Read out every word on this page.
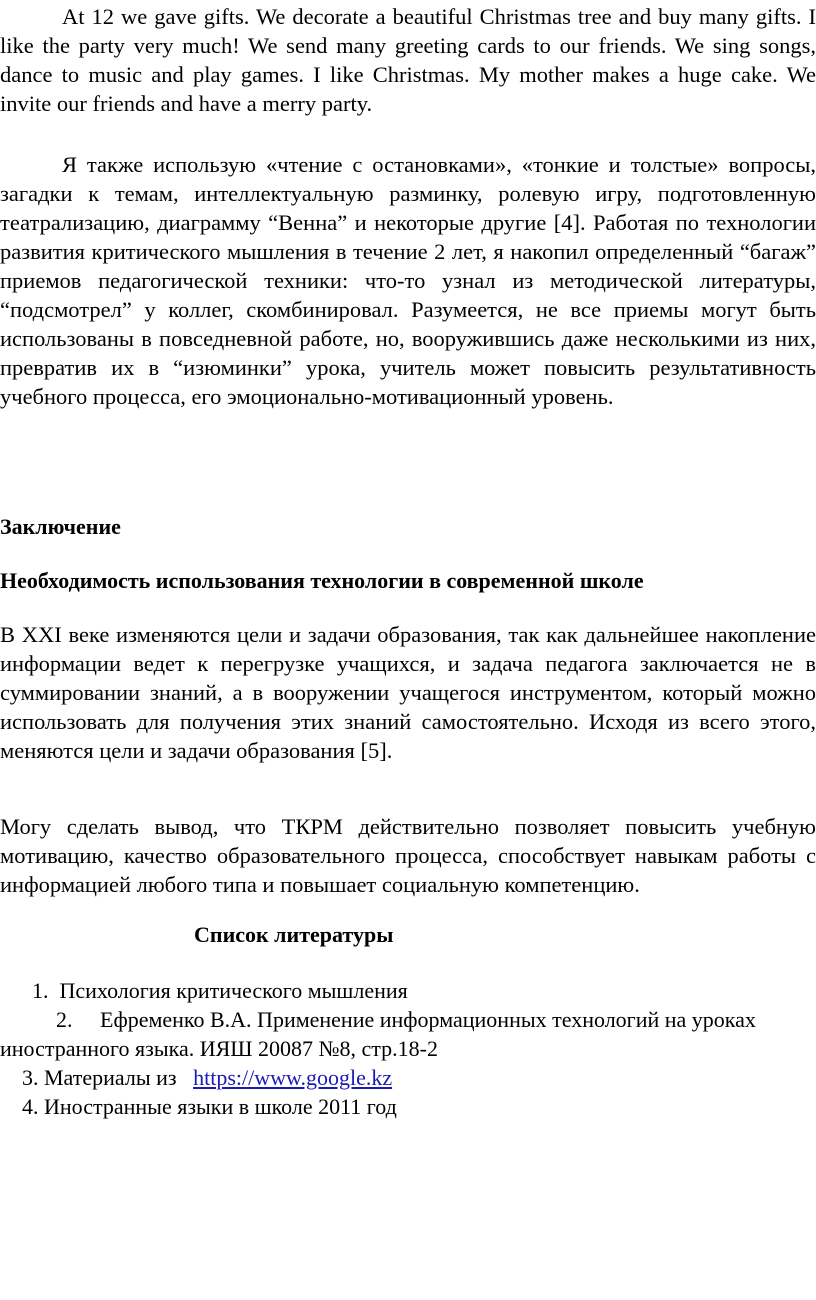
At 12 we gave gifts. We decorate a beautiful Christmas tree and buy many gifts. I like the party very much! We send many greeting cards to our friends. We sing songs, dance to music and play games. I like Christmas. My mother makes a huge cake. We invite our friends and have a merry party.

Я также использую «чтение с остановками», «тонкие и толстые» вопросы, загадки к темам, интеллектуальную разминку, ролевую игру, подготовленную театрализацию, диаграмму “Венна” и некоторые другие [4]. Работая по технологии развития критического мышления в течение 2 лет, я накопил определенный “багаж” приемов педагогической техники: что-то узнал из методической литературы, “подсмотрел” у коллег, скомбинировал. Разумеется, не все приемы могут быть использованы в повседневной работе, но, вооружившись даже несколькими из них, превратив их в “изюминки” урока, учитель может повысить результативность учебного процесса, его эмоционально-мотивационный уровень.

Заключение
Необходимость использования технологии в современной школе

В XXI веке изменяются цели и задачи образования, так как дальнейшее накопление информации ведет к перегрузке учащихся, и задача педагога заключается не в суммировании знаний, а в вооружении учащегося инструментом, который можно использовать для получения этих знаний самостоятельно. Исходя из всего этого, меняются цели и задачи образования [5].

Могу сделать вывод, что ТКРМ действительно позволяет повысить учебную мотивацию, качество образовательного процесса, способствует навыкам работы с информацией любого типа и повышает социальную компетенцию.

Список литературы

1. Психология критического мышления

2. Ефременко В.А. Применение информационных технологий на уроках иностранного языка. ИЯШ 20087 №8, стр.18-2

3. Материалы из https://www.google.kz

4. Иностранные языки в школе 2011 год
